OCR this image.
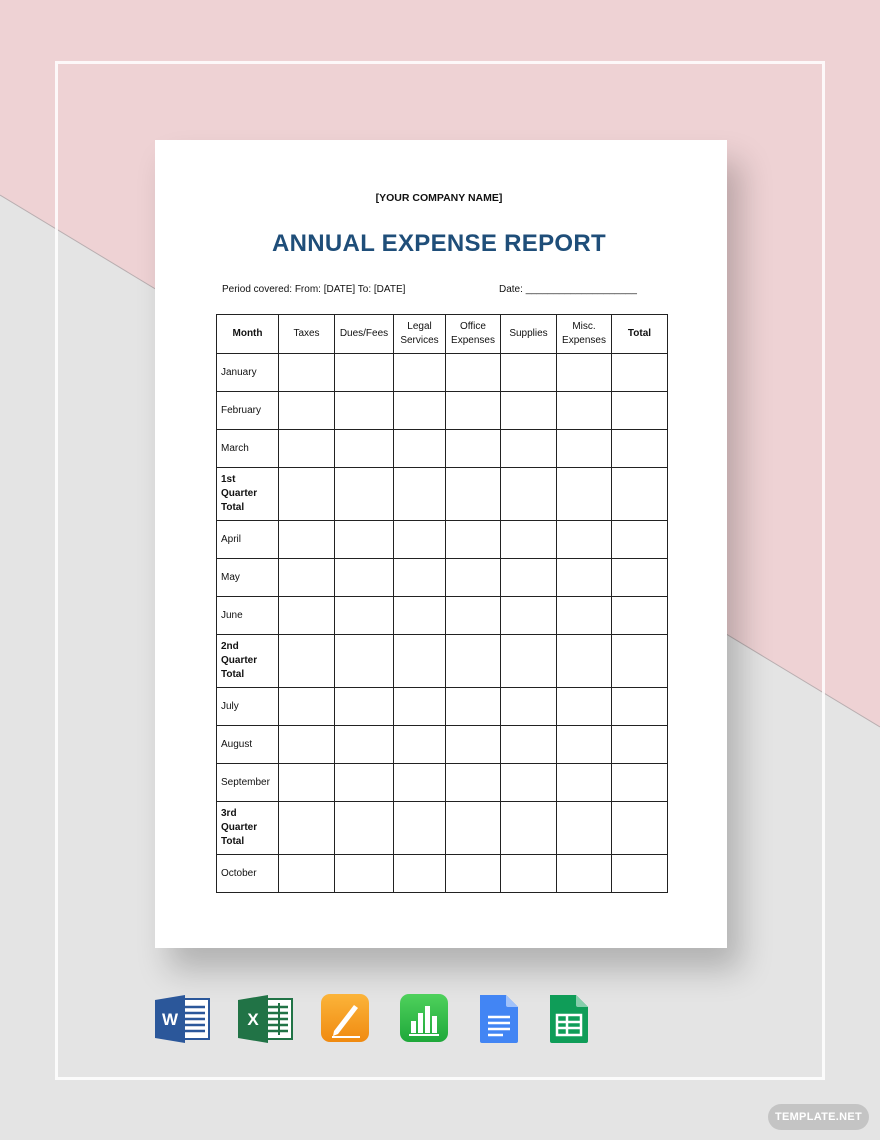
[YOUR COMPANY NAME]
ANNUAL EXPENSE REPORT
Period covered: From: [DATE] To: [DATE]	Date: ____________________
Month	Taxes	Dues/Fees	Legal Services	Office Expenses	Supplies	Misc. Expenses	Total
January							
February							
March							
1st Quarter Total							
April							
May							
June							
2nd Quarter Total							
July							
August							
September							
3rd Quarter Total							
October							
W	X
TEMPLATE.NET
